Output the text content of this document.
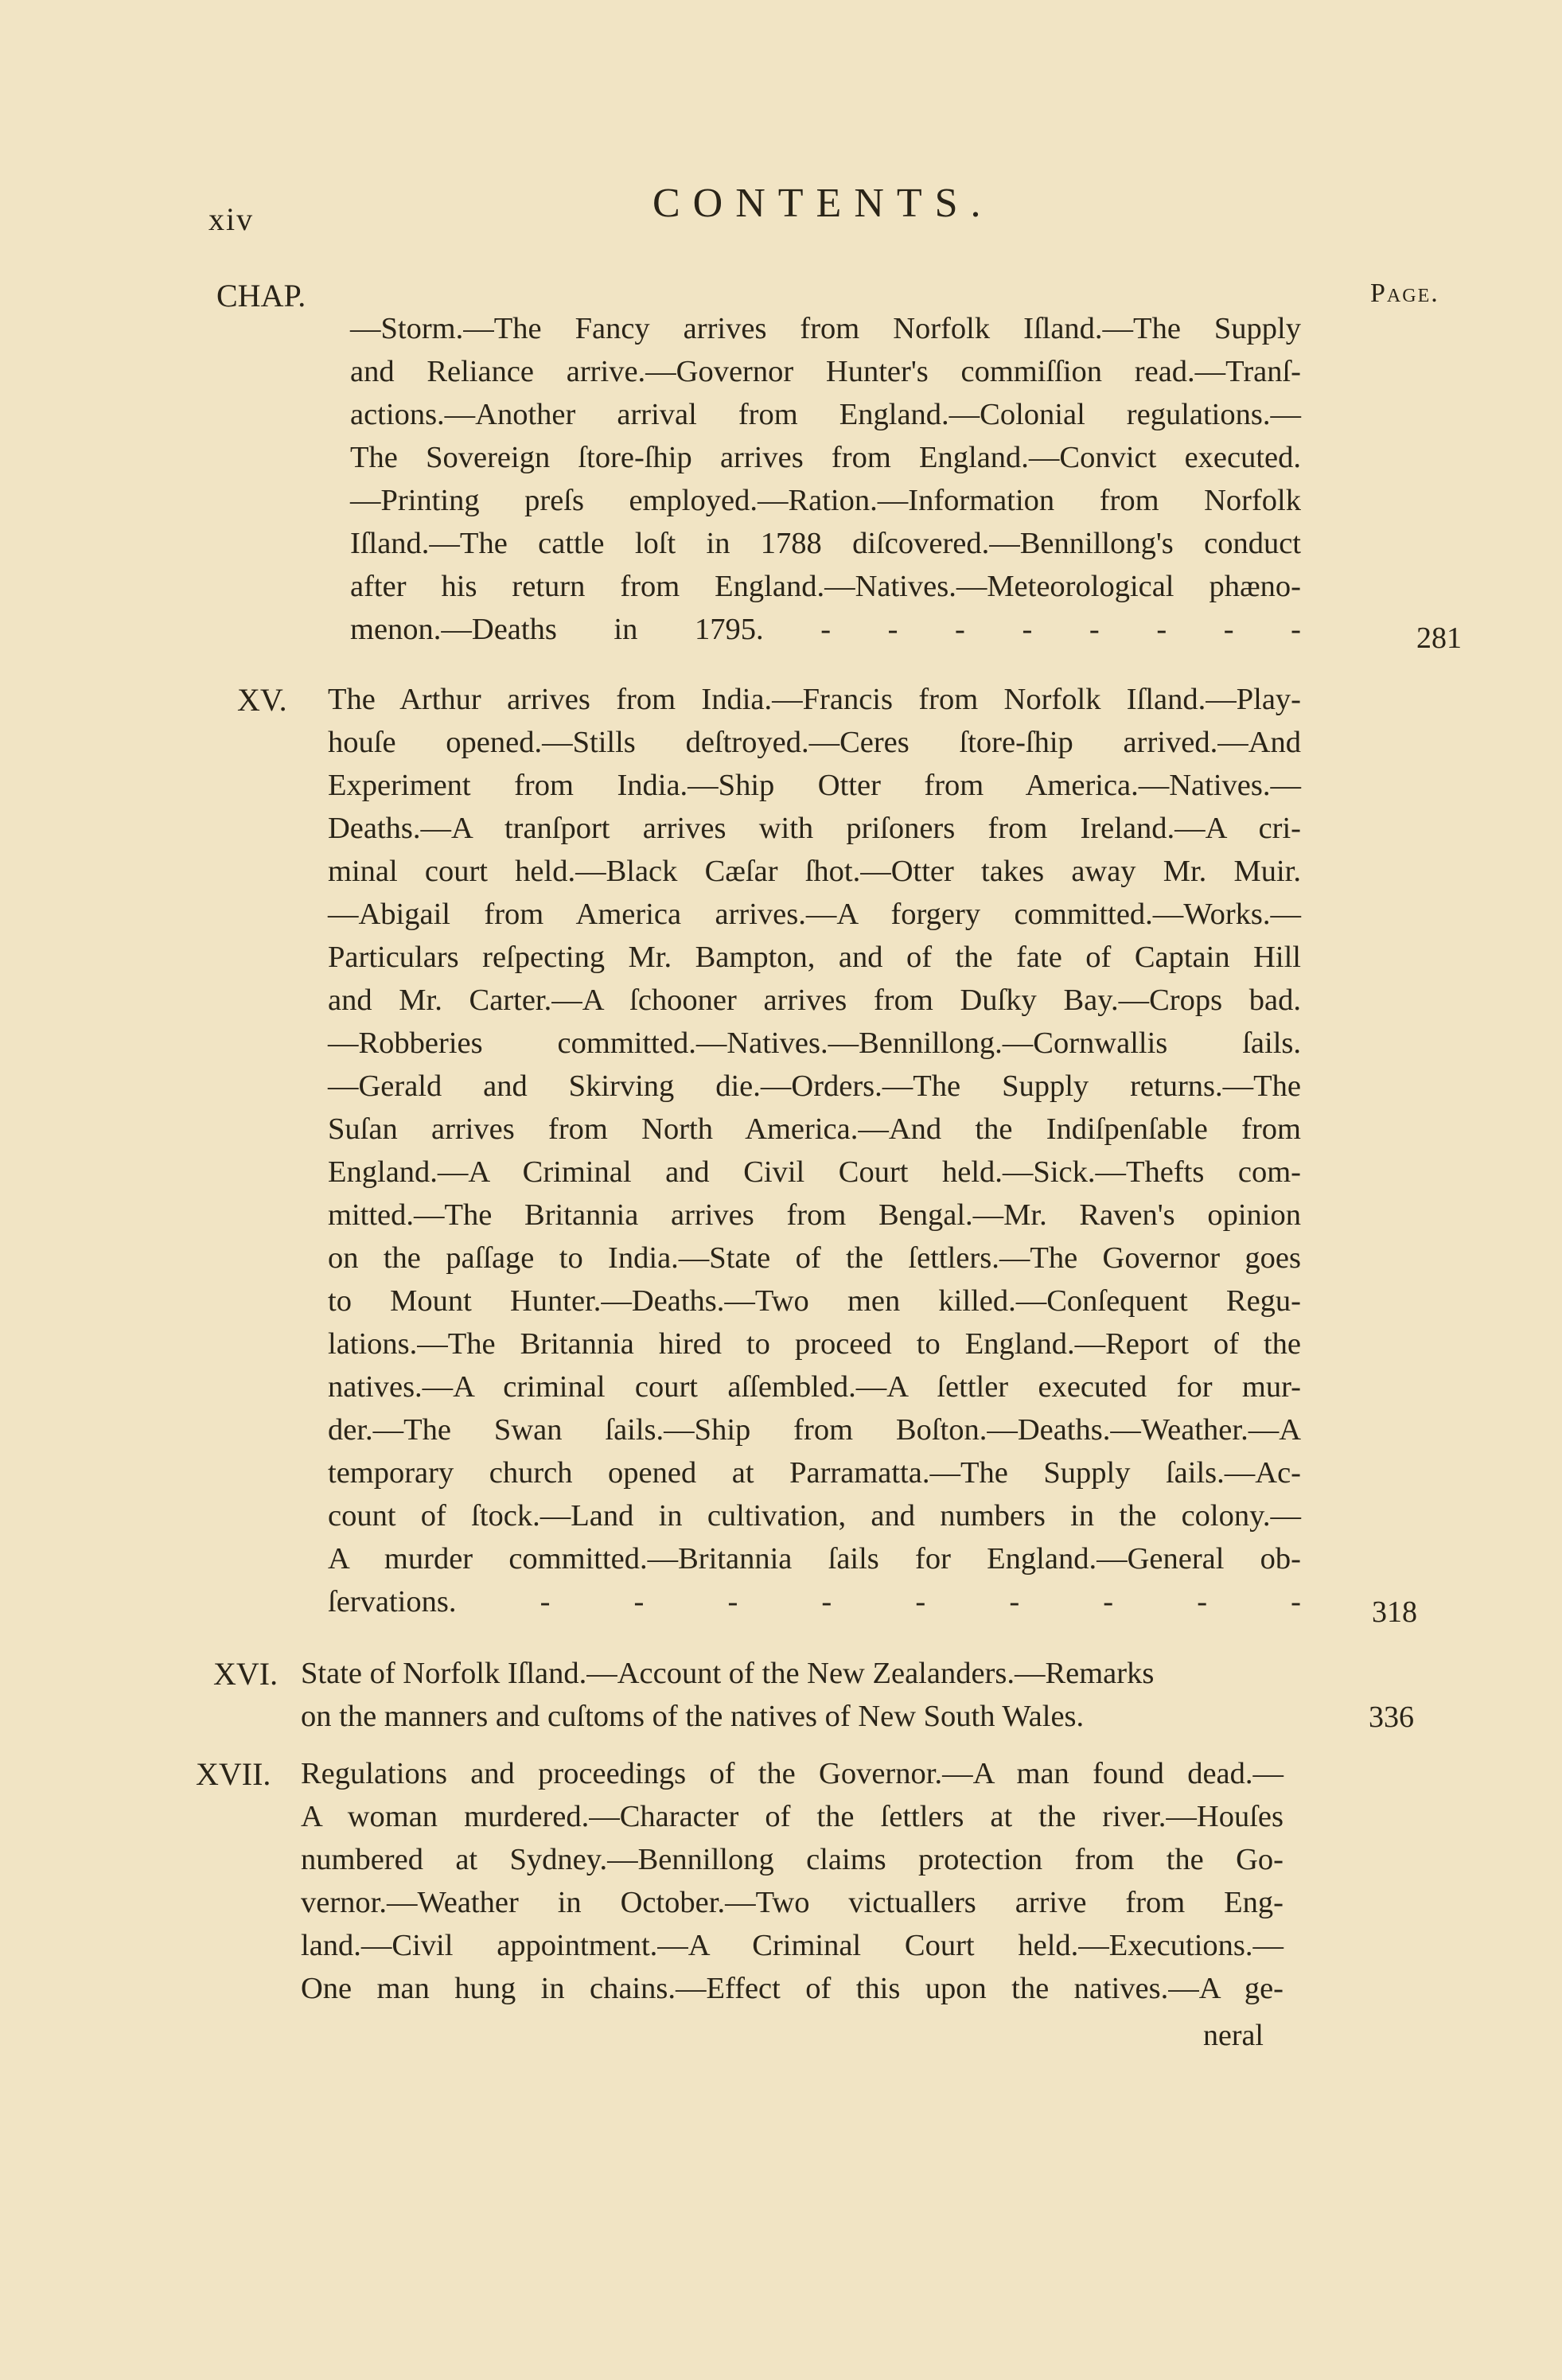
xiv	CONTENTS.
CHAP.	Page.
—Storm.—The Fancy arrives from Norfolk Iſland.—The Supply
and Reliance arrive.—Governor Hunter's commiſſion read.—Tranſ-
actions.—Another arrival from England.—Colonial regulations.—
The Sovereign ſtore-ſhip arrives from England.—Convict executed.
—Printing preſs employed.—Ration.—Information from Norfolk
Iſland.—The cattle loſt in 1788 diſcovered.—Bennillong's conduct
after his return from England.—Natives.—Meteorological phæno-
menon.—Deaths in 1795. - - - - - - - -	281
XV. The Arthur arrives from India.—Francis from Norfolk Iſland.—Play-
houſe opened.—Stills deſtroyed.—Ceres ſtore-ſhip arrived.—And
Experiment from India.—Ship Otter from America.—Natives.—
Deaths.—A tranſport arrives with priſoners from Ireland.—A cri-
minal court held.—Black Cæſar ſhot.—Otter takes away Mr. Muir.
—Abigail from America arrives.—A forgery committed.—Works.—
Particulars reſpecting Mr. Bampton, and of the fate of Captain Hill
and Mr. Carter.—A ſchooner arrives from Duſky Bay.—Crops bad.
—Robberies committed.—Natives.—Bennillong.—Cornwallis ſails.
—Gerald and Skirving die.—Orders.—The Supply returns.—The
Suſan arrives from North America.—And the Indiſpenſable from
England.—A Criminal and Civil Court held.—Sick.—Thefts com-
mitted.—The Britannia arrives from Bengal.—Mr. Raven's opinion
on the paſſage to India.—State of the ſettlers.—The Governor goes
to Mount Hunter.—Deaths.—Two men killed.—Conſequent Regu-
lations.—The Britannia hired to proceed to England.—Report of the
natives.—A criminal court aſſembled.—A ſettler executed for mur-
der.—The Swan ſails.—Ship from Boſton.—Deaths.—Weather.—A
temporary church opened at Parramatta.—The Supply ſails.—Ac-
count of ſtock.—Land in cultivation, and numbers in the colony.—
A murder committed.—Britannia ſails for England.—General ob-
ſervations. - - - - - - - - - 318
XVI. State of Norfolk Iſland.—Account of the New Zealanders.—Remarks
on the manners and cuſtoms of the natives of New South Wales.	336
XVII. Regulations and proceedings of the Governor.—A man found dead.—
A woman murdered.—Character of the ſettlers at the river.—Houſes
numbered at Sydney.—Bennillong claims protection from the Go-
vernor.—Weather in October.—Two victuallers arrive from Eng-
land.—Civil appointment.—A Criminal Court held.—Executions.—
One man hung in chains.—Effect of this upon the natives.—A ge-
neral
